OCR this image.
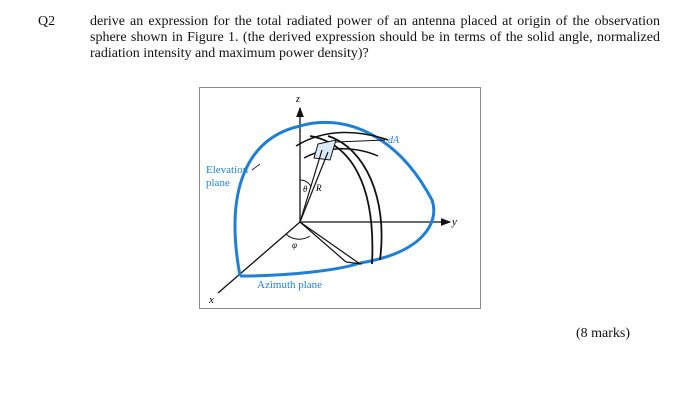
Q2 derive an expression for the total radiated power of an antenna placed at origin of the observation sphere shown in Figure 1. (the derived expression should be in terms of the solid angle, normalized radiation intensity and maximum power density)?
z
y
x
dA
θ R
φ
Elevation
plane
Azimuth plane
(8 marks)
